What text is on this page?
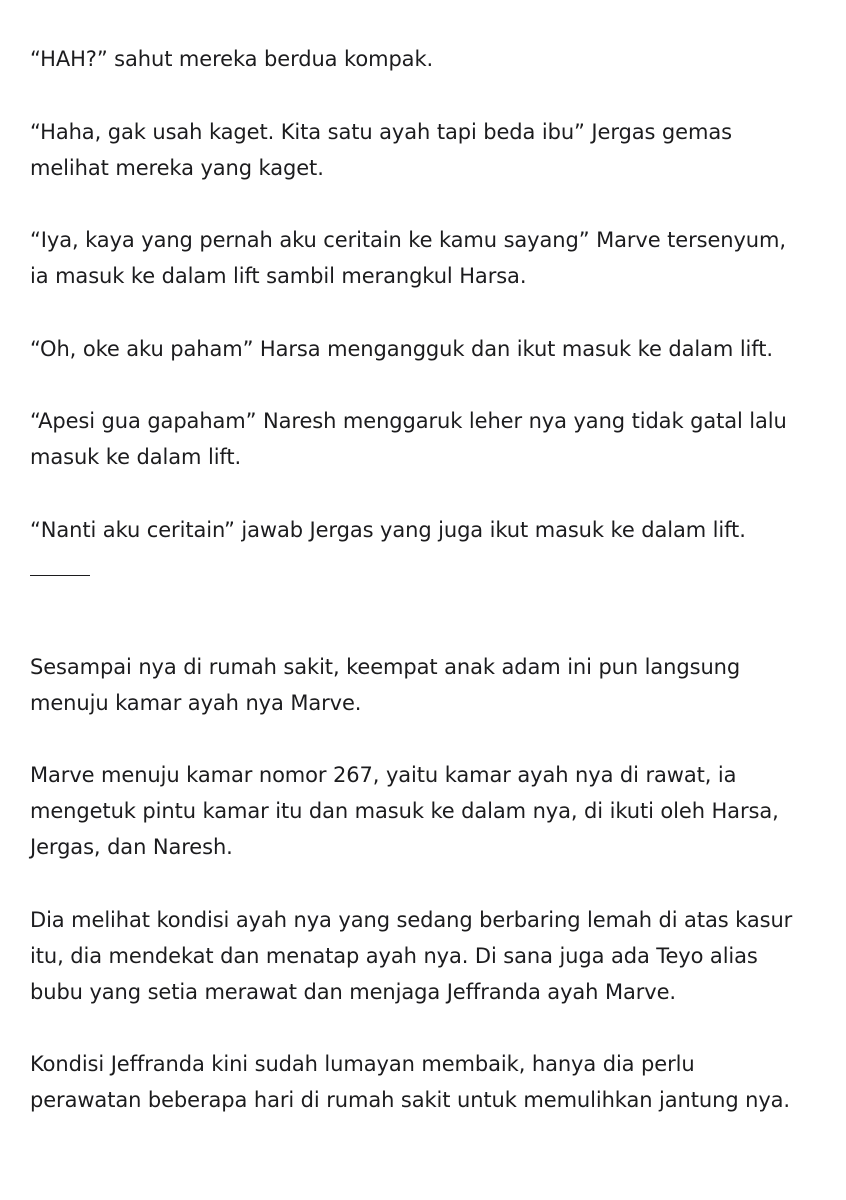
“HAH?” sahut mereka berdua kompak.

“Haha, gak usah kaget. Kita satu ayah tapi beda ibu” Jergas gemas
melihat mereka yang kaget.

“Iya, kaya yang pernah aku ceritain ke kamu sayang” Marve tersenyum,
ia masuk ke dalam lift sambil merangkul Harsa.

“Oh, oke aku paham” Harsa mengangguk dan ikut masuk ke dalam lift.

“Apesi gua gapaham” Naresh menggaruk leher nya yang tidak gatal lalu
masuk ke dalam lift.

“Nanti aku ceritain” jawab Jergas yang juga ikut masuk ke dalam lift.

Sesampai nya di rumah sakit, keempat anak adam ini pun langsung
menuju kamar ayah nya Marve.

Marve menuju kamar nomor 267, yaitu kamar ayah nya di rawat, ia
mengetuk pintu kamar itu dan masuk ke dalam nya, di ikuti oleh Harsa,
Jergas, dan Naresh.

Dia melihat kondisi ayah nya yang sedang berbaring lemah di atas kasur
itu, dia mendekat dan menatap ayah nya. Di sana juga ada Teyo alias
bubu yang setia merawat dan menjaga Jeffranda ayah Marve.

Kondisi Jeffranda kini sudah lumayan membaik, hanya dia perlu
perawatan beberapa hari di rumah sakit untuk memulihkan jantung nya.
